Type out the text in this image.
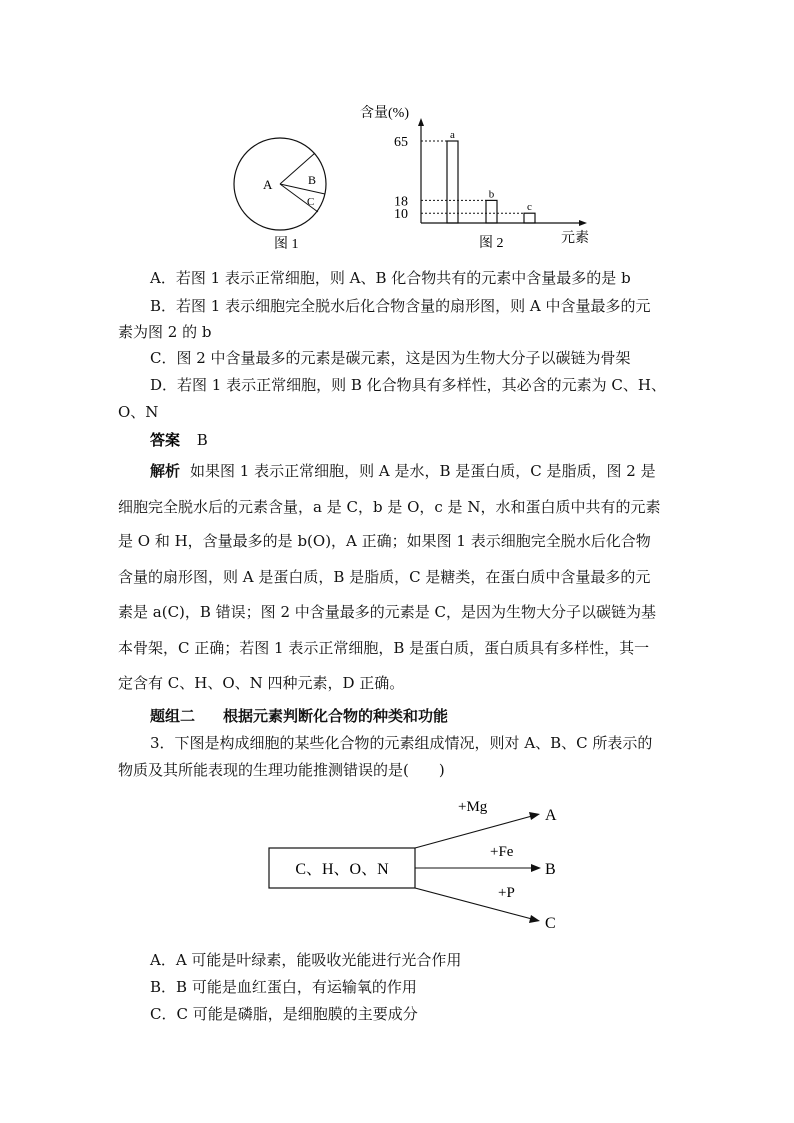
A	B
C
图 1
含量(%)
元素
图 2
65	a
18	b
10	c
A．若图 1 表示正常细胞，则 A、B 化合物共有的元素中含量最多的是 b
B．若图 1 表示细胞完全脱水后化合物含量的扇形图，则 A 中含量最多的元
素为图 2 的 b
C．图 2 中含量最多的元素是碳元素，这是因为生物大分子以碳链为骨架
D．若图 1 表示正常细胞，则 B 化合物具有多样性，其必含的元素为 C、H、
O、N
答案 B
解析 如果图 1 表示正常细胞，则 A 是水，B 是蛋白质，C 是脂质，图 2 是
细胞完全脱水后的元素含量，a 是 C，b 是 O，c 是 N，水和蛋白质中共有的元素
是 O 和 H，含量最多的是 b(O)，A 正确；如果图 1 表示细胞完全脱水后化合物
含量的扇形图，则 A 是蛋白质，B 是脂质，C 是糖类，在蛋白质中含量最多的元
素是 a(C)，B 错误；图 2 中含量最多的元素是 C，是因为生物大分子以碳链为基
本骨架，C 正确；若图 1 表示正常细胞，B 是蛋白质，蛋白质具有多样性，其一
定含有 C、H、O、N 四种元素，D 正确。
题组二 根据元素判断化合物的种类和功能
3．下图是构成细胞的某些化合物的元素组成情况，则对 A、B、C 所表示的
物质及其所能表现的生理功能推测错误的是(　　)
C、H、O、N
+Mg	A
+Fe
B
+P
C
A．A 可能是叶绿素，能吸收光能进行光合作用
B．B 可能是血红蛋白，有运输氧的作用
C．C 可能是磷脂，是细胞膜的主要成分
